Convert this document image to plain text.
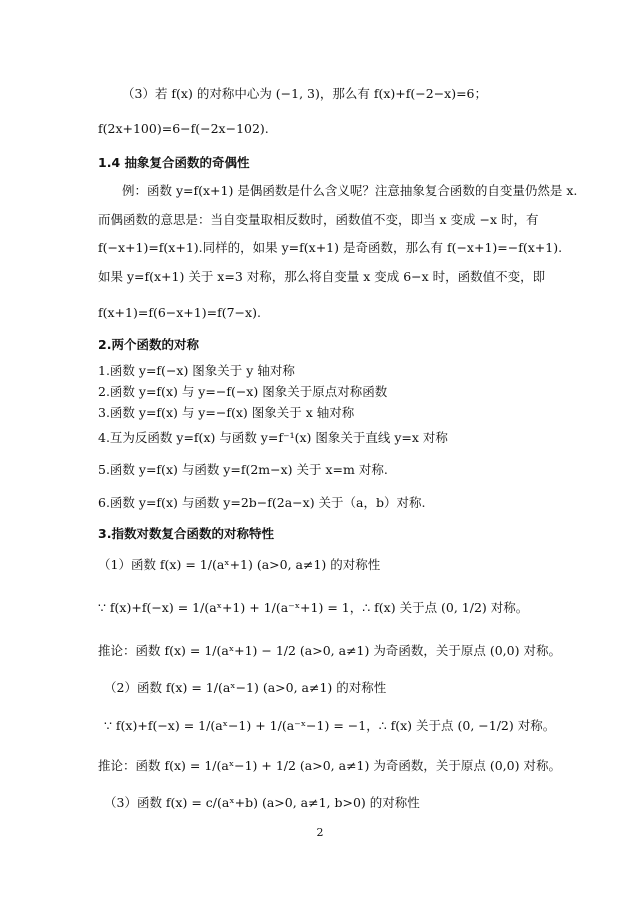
（3）若 f(x) 的对称中心为 (−1, 3)，那么有 f(x)+f(−2−x)=6；
f(2x+100)=6−f(−2x−102).
1.4 抽象复合函数的奇偶性
例：函数 y=f(x+1) 是偶函数是什么含义呢？注意抽象复合函数的自变量仍然是 x.
而偶函数的意思是：当自变量取相反数时，函数值不变，即当 x 变成 −x 时，有
f(−x+1)=f(x+1).同样的，如果 y=f(x+1) 是奇函数，那么有 f(−x+1)=−f(x+1).
如果 y=f(x+1) 关于 x=3 对称，那么将自变量 x 变成 6−x 时，函数值不变，即
f(x+1)=f(6−x+1)=f(7−x).
2.两个函数的对称
1.函数 y=f(−x) 图象关于 y 轴对称
2.函数 y=f(x) 与 y=−f(−x) 图象关于原点对称函数
3.函数 y=f(x) 与 y=−f(x) 图象关于 x 轴对称
4.互为反函数 y=f(x) 与函数 y=f⁻¹(x) 图象关于直线 y=x 对称
5.函数 y=f(x) 与函数 y=f(2m−x) 关于 x=m 对称.
6.函数 y=f(x) 与函数 y=2b−f(2a−x) 关于（a，b）对称.
3.指数对数复合函数的对称特性
（1）函数 f(x) = 1/(aˣ+1) (a>0, a≠1) 的对称性
∵ f(x)+f(−x) = 1/(aˣ+1) + 1/(a⁻ˣ+1) = 1，∴ f(x) 关于点 (0, 1/2) 对称。
推论：函数 f(x) = 1/(aˣ+1) − 1/2 (a>0, a≠1) 为奇函数，关于原点 (0,0) 对称。
（2）函数 f(x) = 1/(aˣ−1) (a>0, a≠1) 的对称性
∵ f(x)+f(−x) = 1/(aˣ−1) + 1/(a⁻ˣ−1) = −1，∴ f(x) 关于点 (0, −1/2) 对称。
推论：函数 f(x) = 1/(aˣ−1) + 1/2 (a>0, a≠1) 为奇函数，关于原点 (0,0) 对称。
（3）函数 f(x) = c/(aˣ+b) (a>0, a≠1, b>0) 的对称性
2
